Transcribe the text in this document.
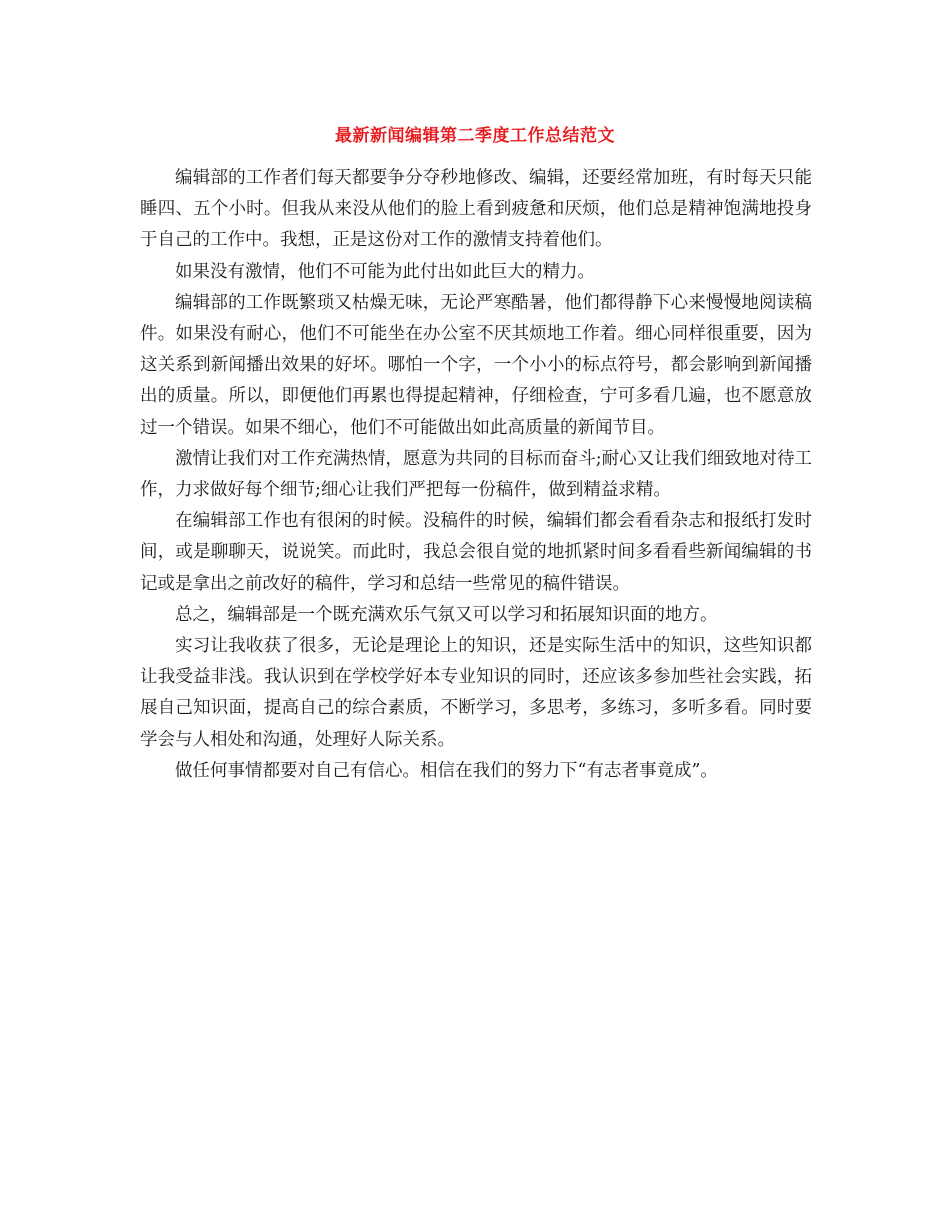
最新新闻编辑第二季度工作总结范文

编辑部的工作者们每天都要争分夺秒地修改、编辑，还要经常加班，有时每天只能睡四、五个小时。但我从来没从他们的脸上看到疲惫和厌烦，他们总是精神饱满地投身于自己的工作中。我想，正是这份对工作的激情支持着他们。

如果没有激情，他们不可能为此付出如此巨大的精力。

编辑部的工作既繁琐又枯燥无味，无论严寒酷暑，他们都得静下心来慢慢地阅读稿件。如果没有耐心，他们不可能坐在办公室不厌其烦地工作着。细心同样很重要，因为这关系到新闻播出效果的好坏。哪怕一个字，一个小小的标点符号，都会影响到新闻播出的质量。所以，即便他们再累也得提起精神，仔细检查，宁可多看几遍，也不愿意放过一个错误。如果不细心，他们不可能做出如此高质量的新闻节目。

激情让我们对工作充满热情，愿意为共同的目标而奋斗;耐心又让我们细致地对待工作，力求做好每个细节;细心让我们严把每一份稿件，做到精益求精。

在编辑部工作也有很闲的时候。没稿件的时候，编辑们都会看看杂志和报纸打发时间，或是聊聊天，说说笑。而此时，我总会很自觉的地抓紧时间多看看些新闻编辑的书记或是拿出之前改好的稿件，学习和总结一些常见的稿件错误。

总之，编辑部是一个既充满欢乐气氛又可以学习和拓展知识面的地方。

实习让我收获了很多，无论是理论上的知识，还是实际生活中的知识，这些知识都让我受益非浅。我认识到在学校学好本专业知识的同时，还应该多参加些社会实践，拓展自己知识面，提高自己的综合素质，不断学习，多思考，多练习，多听多看。同时要学会与人相处和沟通，处理好人际关系。

做任何事情都要对自己有信心。相信在我们的努力下“有志者事竟成”。
